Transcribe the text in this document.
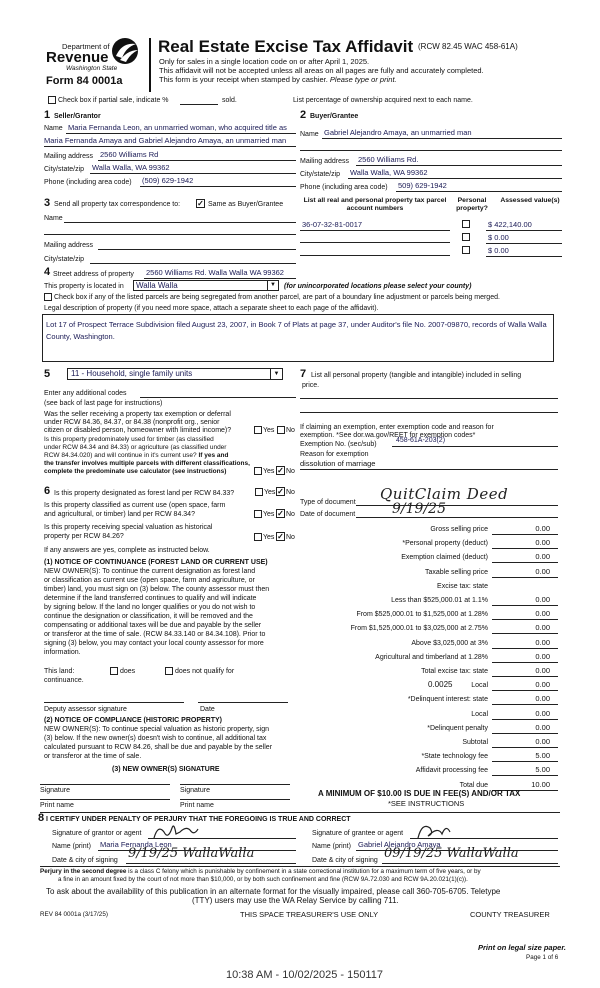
Department of
Revenue
Washington State
Form 84 0001a
Real Estate Excise Tax Affidavit (RCW 82.45 WAC 458-61A)
Only for sales in a single location code on or after April 1, 2025.
This affidavit will not be accepted unless all areas on all pages are fully and accurately completed.
This form is your receipt when stamped by cashier. Please type or print.
Check box if partial sale, indicate %	sold.	List percentage of ownership acquired next to each name.
1 Seller/Grantor
Name Maria Fernanda Leon, an unmarried woman, who acquired title as
Maria Fernanda Amaya and Gabriel Alejandro Amaya, an unmarried man
Mailing address 2560 Williams Rd
City/state/zip Walla Walla, WA 99362
Phone (including area code) (509) 629-1942
2 Buyer/Grantee
Name Gabriel Alejandro Amaya, an unmarried man
Mailing address 2560 Williams Rd.
City/state/zip Walla Walla, WA 99362
Phone (including area code) 509) 629-1942
3 Send all property tax correspondence to: ✓ Same as Buyer/Grantee
Name
Mailing address
City/state/zip
List all real and personal property tax parcel account numbers
Personal property?
Assessed value(s)
36-07-32-81-0017	$ 422,140.00
$ 0.00
$ 0.00
4 Street address of property 2560 Williams Rd. Walla Walla WA 99362
This property is located in Walla Walla	▼ (for unincorporated locations please select your county)
Check box if any of the listed parcels are being segregated from another parcel, are part of a boundary line adjustment or parcels being merged.
Legal description of property (if you need more space, attach a separate sheet to each page of the affidavit).
Lot 17 of Prospect Terrace Subdivision filed August 23, 2007, in Book 7 of Plats at page 37, under Auditor's file No. 2007-09870, records of Walla Walla County, Washington.
5	11 - Household, single family units	▼
Enter any additional codes
(see back of last page for instructions)
Was the seller receiving a property tax exemption or deferral
under RCW 84.36, 84.37, or 84.38 (nonprofit org., senior
citizen or disabled person, homeowner with limited income)?	Yes No
Is this property predominately used for timber (as classified
under RCW 84.34 and 84.33) or agriculture (as classified under
RCW 84.34.020) and will continue in it's current use? If yes and
the transfer involves multiple parcels with different classifications,
complete the predominate use calculator (see instructions)	Yes ✓ No
6 Is this property designated as forest land per RCW 84.33?	Yes ✓ No
Is this property classified as current use (open space, farm
and agricultural, or timber) land per RCW 84.34?	Yes ✓ No
Is this property receiving special valuation as historical
property per RCW 84.26?	Yes ✓ No
If any answers are yes, complete as instructed below.
(1) NOTICE OF CONTINUANCE (FOREST LAND OR CURRENT USE)
NEW OWNER(S): To continue the current designation as forest land
or classification as current use (open space, farm and agriculture, or
timber) land, you must sign on (3) below. The county assessor must then
determine if the land transferred continues to qualify and will indicate
by signing below. If the land no longer qualifies or you do not wish to
continue the designation or classification, it will be removed and the
compensating or additional taxes will be due and payable by the seller
or transferor at the time of sale. (RCW 84.33.140 or 84.34.108). Prior to
signing (3) below, you may contact your local county assessor for more
information.
This land:	does	does not qualify for
continuance.
Deputy assessor signature	Date
(2) NOTICE OF COMPLIANCE (HISTORIC PROPERTY)
NEW OWNER(S): To continue special valuation as historic property, sign
(3) below. If the new owner(s) doesn't wish to continue, all additional tax
calculated pursuant to RCW 84.26, shall be due and payable by the seller
or transferor at the time of sale.
(3) NEW OWNER(S) SIGNATURE
Signature	Signature
Print name	Print name
7 List all personal property (tangible and intangible) included in selling
price.
If claiming an exemption, enter exemption code and reason for
exemption. *See dor.wa.gov/REET for exemption codes*
Exemption No. (sec/sub)
458-61A-203(2)
Reason for exemption
dissolution of marriage
Type of document QuitClaim Deed
Date of document	9/19/25
Gross selling price	0.00
*Personal property (deduct)	0.00
Exemption claimed (deduct)	0.00
Taxable selling price	0.00
Excise tax: state
Less than $525,000.01 at 1.1%	0.00
From $525,000.01 to $1,525,000 at 1.28%	0.00
From $1,525,000.01 to $3,025,000 at 2.75%	0.00
Above $3,025,000 at 3%	0.00
Agricultural and timberland at 1.28%	0.00
Total excise tax: state	0.00
Local	0.00
*Delinquent interest: state	0.00
Local	0.00
*Delinquent penalty	0.00
Subtotal	0.00
*State technology fee	5.00
Affidavit processing fee	5.00
Total due	10.00
0.0025
A MINIMUM OF $10.00 IS DUE IN FEE(S) AND/OR TAX
*SEE INSTRUCTIONS
8 I CERTIFY UNDER PENALTY OF PERJURY THAT THE FOREGOING IS TRUE AND CORRECT
Signature of grantor or agent
Name (print) Maria Fernanda Leon
Date & city of signing 9/19/25 WallaWalla
Signature of grantee or agent
Name (print) Gabriel Alejandro Amaya
Date & city of signing 09/19/25 WallaWalla
Perjury in the second degree is a class C felony which is punishable by confinement in a state correctional institution for a maximum term of five years, or by
a fine in an amount fixed by the court of not more than $10,000, or by both such confinement and fine (RCW 9A.72.030 and RCW 9A.20.021(1)(c)).
To ask about the availability of this publication in an alternate format for the visually impaired, please call 360-705-6705. Teletype
(TTY) users may use the WA Relay Service by calling 711.
REV 84 0001a (3/17/25)	THIS SPACE TREASURER'S USE ONLY	COUNTY TREASURER
Print on legal size paper.
Page 1 of 6
10:38 AM - 10/02/2025 - 150117
